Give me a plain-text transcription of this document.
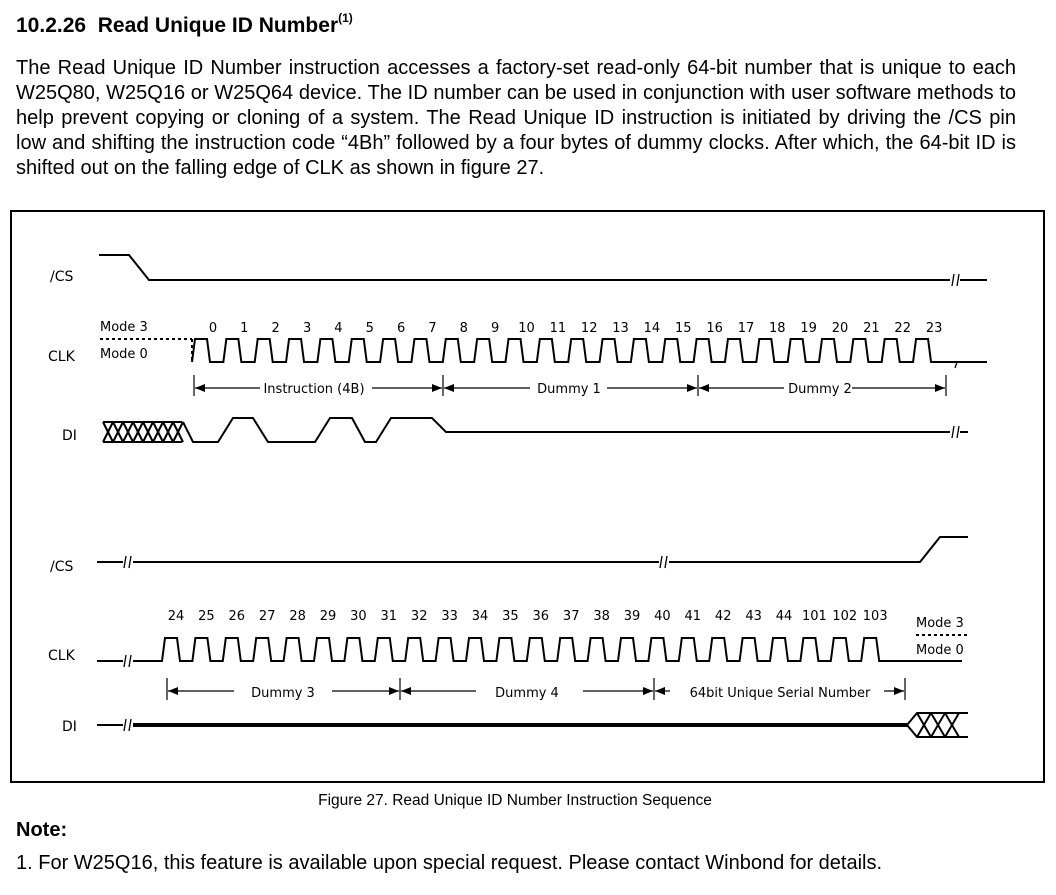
10.2.26 Read Unique ID Number$^{(1)}$
The Read Unique ID Number instruction accesses a factory-set read-only 64-bit number that is unique to each W25Q80, W25Q16 or W25Q64 device. The ID number can be used in conjunction with user software methods to help prevent copying or cloning of a system. The Read Unique ID instruction is initiated by driving the /CS pin low and shifting the instruction code “4Bh” followed by a four bytes of dummy clocks. After which, the 64-bit ID is shifted out on the falling edge of CLK as shown in figure 27.
/CS
CLK
DI
Mode 3
Mode 0
0 1 2 3 4 5 6 7 8 9 10 11 12 13 14 15 16 17 18 19 20 21 22 23
Instruction (4B)	Dummy 1	Dummy 2
/CS
CLK
DI
24 25 26 27 28 29 30 31 32 33 34 35 36 37 38 39 40 41 42 43 44 101 102 103 Mode 3
Mode 0
Dummy 3	Dummy 4	64bit Unique Serial Number
Figure 27. Read Unique ID Number Instruction Sequence
Note:
1. For W25Q16, this feature is available upon special request. Please contact Winbond for details.
